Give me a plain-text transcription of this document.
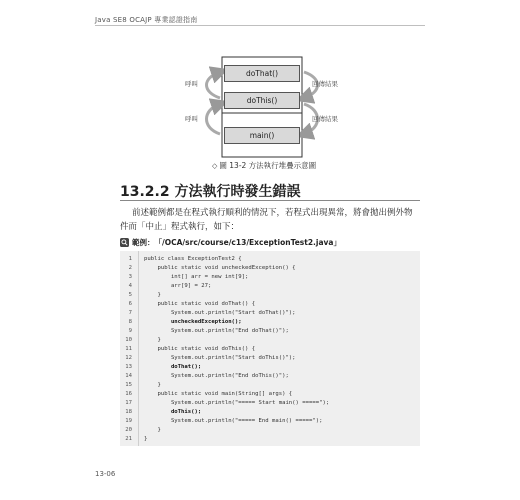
Java SE8 OCAJP 專業認證指南
doThat()
doThis()
main()
呼叫
呼叫
回傳結果
回傳結果
◇ 圖 13-2 方法執行堆疊示意圖
13.2.2 方法執行時發生錯誤
前述範例都是在程式執行順利的情況下，若程式出現異常，將會拋出例外物件而「中止」程式執行，如下：
範例： 「/OCA/src/course/c13/ExceptionTest2.java」
1 public class ExceptionTest2 {
2 public static void uncheckedException() {
3 int[] arr = new int[9];
4 arr[9] = 27;
5 }
6 public static void doThat() {
7 System.out.println("Start doThat()");
8 uncheckedException();
9 System.out.println("End doThat()");
10 }
11 public static void doThis() {
12 System.out.println("Start doThis()");
13 doThat();
14 System.out.println("End doThis()");
15 }
16 public static void main(String[] args) {
17 System.out.println("===== Start main() =====");
18 doThis();
19 System.out.println("===== End main() =====");
20 }
21 }
13-06
